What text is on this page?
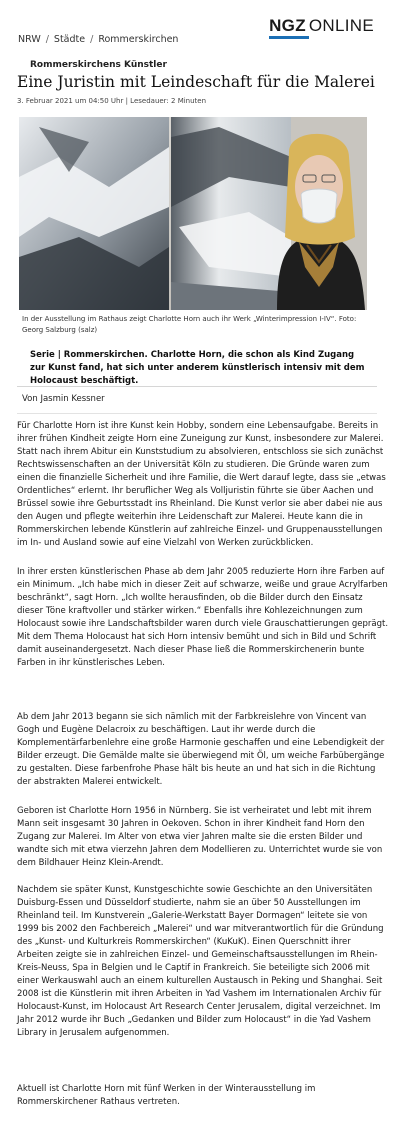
NGZ ONLINE
NRW / Städte / Rommerskirchen
Rommerskirchens Künstler
Eine Juristin mit Leindeschaft für die Malerei
3. Februar 2021 um 04:50 Uhr | Lesedauer: 2 Minuten
In der Ausstellung im Rathaus zeigt Charlotte Horn auch ihr Werk „Winterimpression I-IV“. Foto: Georg Salzburg (salz)

Serie | Rommerskirchen. Charlotte Horn, die schon als Kind Zugang zur Kunst fand, hat sich unter anderem künstlerisch intensiv mit dem Holocaust beschäftigt.

Von Jasmin Kessner

Für Charlotte Horn ist ihre Kunst kein Hobby, sondern eine Lebensaufgabe. Bereits in ihrer frühen Kindheit zeigte Horn eine Zuneigung zur Kunst, insbesondere zur Malerei. Statt nach ihrem Abitur ein Kunststudium zu absolvieren, entschloss sie sich zunächst Rechtswissenschaften an der Universität Köln zu studieren. Die Gründe waren zum einen die finanzielle Sicherheit und ihre Familie, die Wert darauf legte, dass sie „etwas Ordentliches“ erlernt. Ihr beruflicher Weg als Volljuristin führte sie über Aachen und Brüssel sowie ihre Geburtsstadt ins Rheinland. Die Kunst verlor sie aber dabei nie aus den Augen und pflegte weiterhin ihre Leidenschaft zur Malerei. Heute kann die in Rommerskirchen lebende Künstlerin auf zahlreiche Einzel- und Gruppenausstellungen im In- und Ausland sowie auf eine Vielzahl von Werken zurückblicken.

In ihrer ersten künstlerischen Phase ab dem Jahr 2005 reduzierte Horn ihre Farben auf ein Minimum. „Ich habe mich in dieser Zeit auf schwarze, weiße und graue Acrylfarben beschränkt“, sagt Horn. „Ich wollte herausfinden, ob die Bilder durch den Einsatz dieser Töne kraftvoller und stärker wirken.“ Ebenfalls ihre Kohlezeichnungen zum Holocaust sowie ihre Landschaftsbilder waren durch viele Grauschattierungen geprägt. Mit dem Thema Holocaust hat sich Horn intensiv bemüht und sich in Bild und Schrift damit auseinandergesetzt. Nach dieser Phase ließ die Rommerskirchenerin bunte Farben in ihr künstlerisches Leben.

Ab dem Jahr 2013 begann sie sich nämlich mit der Farbkreislehre von Vincent van Gogh und Eugène Delacroix zu beschäftigen. Laut ihr werde durch die Komplementärfarbenlehre eine große Harmonie geschaffen und eine Lebendigkeit der Bilder erzeugt. Die Gemälde malte sie überwiegend mit Öl, um weiche Farbübergänge zu gestalten. Diese farbenfrohe Phase hält bis heute an und hat sich in die Richtung der abstrakten Malerei entwickelt.

Geboren ist Charlotte Horn 1956 in Nürnberg. Sie ist verheiratet und lebt mit ihrem Mann seit insgesamt 30 Jahren in Oekoven. Schon in ihrer Kindheit fand Horn den Zugang zur Malerei. Im Alter von etwa vier Jahren malte sie die ersten Bilder und wandte sich mit etwa vierzehn Jahren dem Modellieren zu. Unterrichtet wurde sie von dem Bildhauer Heinz Klein-Arendt.

Nachdem sie später Kunst, Kunstgeschichte sowie Geschichte an den Universitäten Duisburg-Essen und Düsseldorf studierte, nahm sie an über 50 Ausstellungen im Rheinland teil. Im Kunstverein „Galerie-Werkstatt Bayer Dormagen“ leitete sie von 1999 bis 2002 den Fachbereich „Malerei“ und war mitverantwortlich für die Gründung des „Kunst- und Kulturkreis Rommerskirchen“ (KuKuK). Einen Querschnitt ihrer Arbeiten zeigte sie in zahlreichen Einzel- und Gemeinschaftsausstellungen im Rhein-Kreis-Neuss, Spa in Belgien und le Captif in Frankreich. Sie beteiligte sich 2006 mit einer Werkauswahl auch an einem kulturellen Austausch in Peking und Shanghai. Seit 2008 ist die Künstlerin mit ihren Arbeiten in Yad Vashem im Internationalen Archiv für Holocaust-Kunst, im Holocaust Art Research Center Jerusalem, digital verzeichnet. Im Jahr 2012 wurde ihr Buch „Gedanken und Bilder zum Holocaust“ in die Yad Vashem Library in Jerusalem aufgenommen.

Aktuell ist Charlotte Horn mit fünf Werken in der Winterausstellung im Rommerskirchener Rathaus vertreten.
